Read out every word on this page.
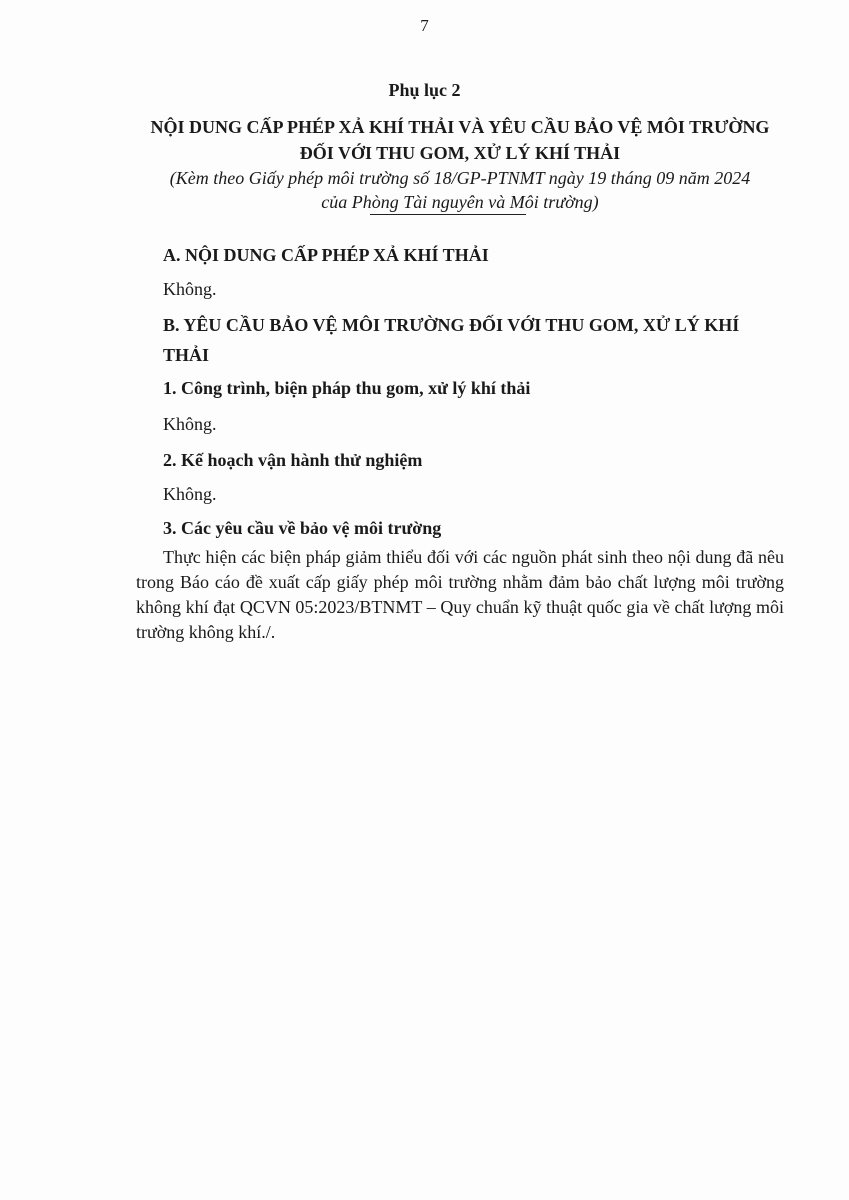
7
Phụ lục 2
NỘI DUNG CẤP PHÉP XẢ KHÍ THẢI VÀ YÊU CẦU BẢO VỆ MÔI TRƯỜNG
ĐỐI VỚI THU GOM, XỬ LÝ KHÍ THẢI
(Kèm theo Giấy phép môi trường số 18/GP-PTNMT ngày 19 tháng 09 năm 2024
của Phòng Tài nguyên và Môi trường)

A. NỘI DUNG CẤP PHÉP XẢ KHÍ THẢI

Không.

B. YÊU CẦU BẢO VỆ MÔI TRƯỜNG ĐỐI VỚI THU GOM, XỬ LÝ KHÍ THẢI

1. Công trình, biện pháp thu gom, xử lý khí thải

Không.

2. Kế hoạch vận hành thử nghiệm

Không.

3. Các yêu cầu về bảo vệ môi trường

Thực hiện các biện pháp giảm thiểu đối với các nguồn phát sinh theo nội dung đã nêu trong Báo cáo đề xuất cấp giấy phép môi trường nhằm đảm bảo chất lượng môi trường không khí đạt QCVN 05:2023/BTNMT – Quy chuẩn kỹ thuật quốc gia về chất lượng môi trường không khí./.
